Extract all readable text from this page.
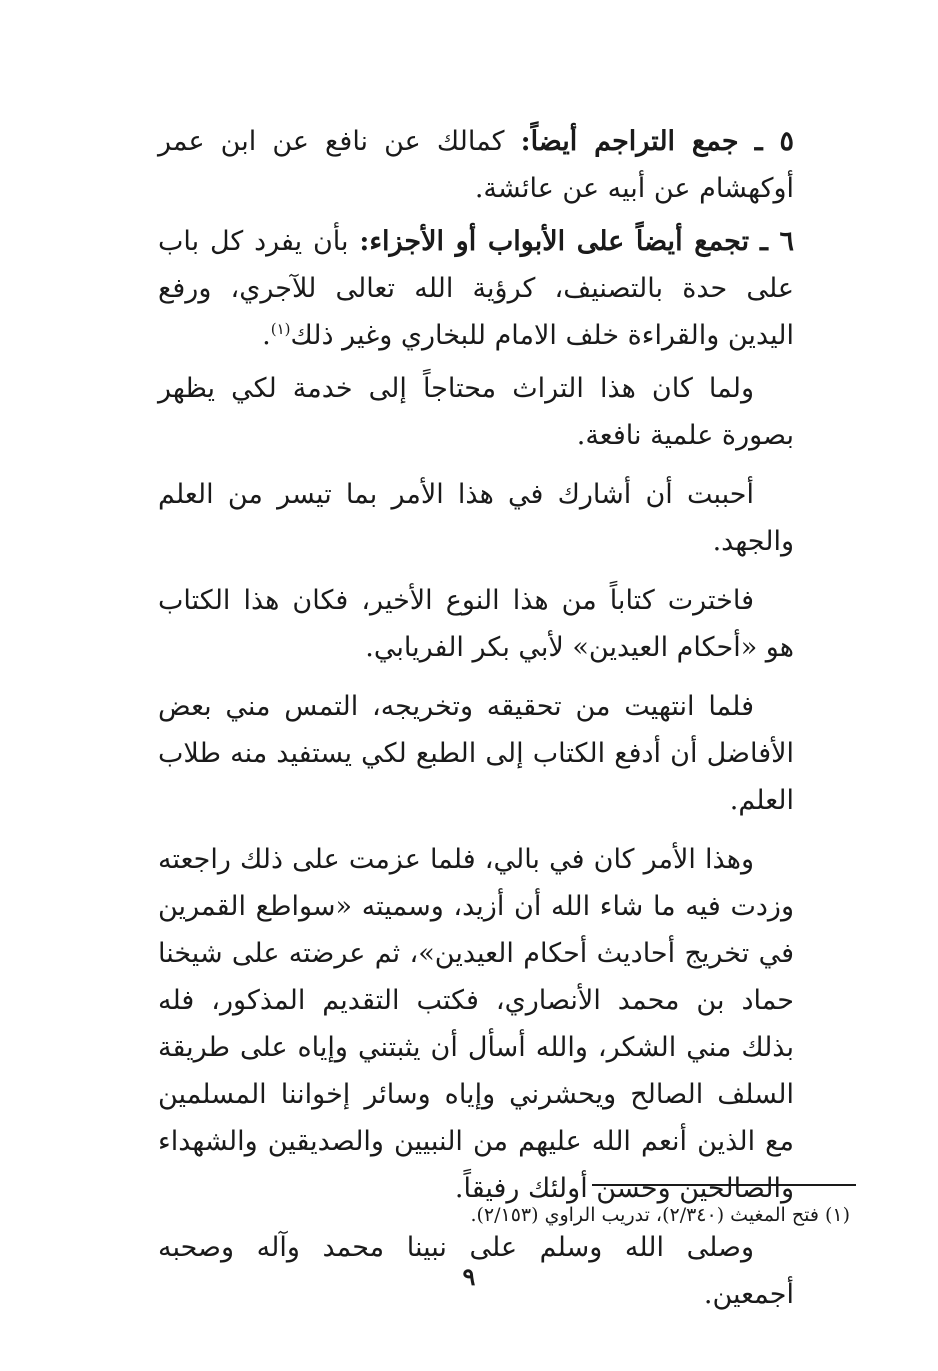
٥ ـ جمع التراجم أيضاً: كمالك عن نافع عن ابن عمر أوكهشام عن أبيه عن عائشة.

٦ ـ تجمع أيضاً على الأبواب أو الأجزاء: بأن يفرد كل باب على حدة بالتصنيف، كرؤية الله تعالى للآجري، ورفع اليدين والقراءة خلف الامام للبخاري وغير ذلك$^{(١)}$.

ولما كان هذا التراث محتاجاً إلى خدمة لكي يظهر بصورة علمية نافعة.

أحببت أن أشارك في هذا الأمر بما تيسر من العلم والجهد.

فاخترت كتاباً من هذا النوع الأخير، فكان هذا الكتاب هو «أحكام العيدين» لأبي بكر الفريابي.

فلما انتهيت من تحقيقه وتخريجه، التمس مني بعض الأفاضل أن أدفع الكتاب إلى الطبع لكي يستفيد منه طلاب العلم.

وهذا الأمر كان في بالي، فلما عزمت على ذلك راجعته وزدت فيه ما شاء الله أن أزيد، وسميته «سواطع القمرين في تخريج أحاديث أحكام العيدين»، ثم عرضته على شيخنا حماد بن محمد الأنصاري، فكتب التقديم المذكور، فله بذلك مني الشكر، والله أسأل أن يثبتني وإياه على طريقة السلف الصالح ويحشرني وإياه وسائر إخواننا المسلمين مع الذين أنعم الله عليهم من النبيين والصديقين والشهداء والصالحين وحسن أولئك رفيقاً.

وصلى الله وسلم على نبينا محمد وآله وصحبه أجمعين.

(١) فتح المغيث (٢/٣٤٠)، تدريب الراوي (٢/١٥٣).
٩
